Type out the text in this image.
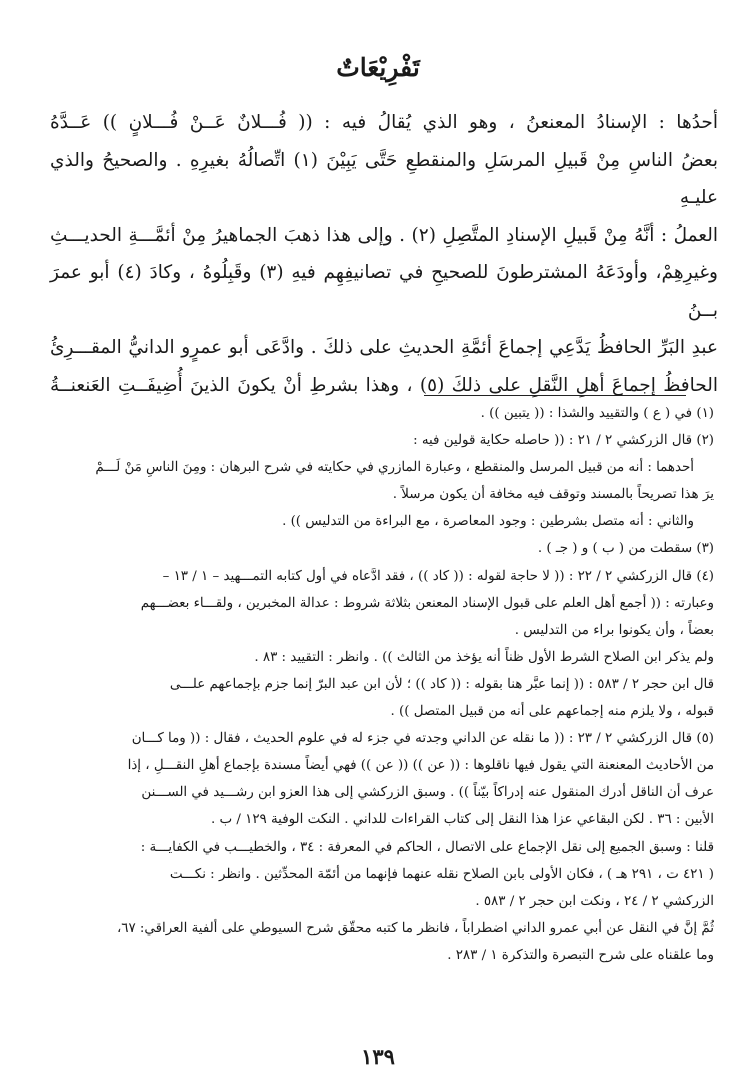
تَفْرِيْعَاتٌ

أحدُها : الإسنادُ المعنعنُ ، وهو الذي يُقالُ فيه : (( فُـــلانٌ عَــنْ فُـــلانٍ )) عَــدَّهُ

بعضُ الناسِ مِنْ قَبيلِ المرسَلِ والمنقطعِ حَتَّى يَبِيْنَ (١) اتِّصالُهُ بغيرِهِ . والصحيحُ والذي عليـهِ

العملُ : أنَّهُ مِنْ قَبيلِ الإسنادِ المتَّصِلِ (٢) . وإلى هذا ذهبَ الجماهيرُ مِنْ أئمَّـــةِ الحديـــثِ

وغيرِهِمْ، وأودَعَهُ المشترطونَ للصحيحِ في تصانيفِهِم فيهِ (٣) وقَبِلُوهُ ، وكادَ (٤) أبو عمرَ بــنُ

عبدِ البَرِّ الحافظُ يَدَّعِي إجماعَ أئمَّةِ الحديثِ على ذلكَ . وادَّعَى أبو عمرٍو الدانيُّ المقـــرِئُ

الحافظُ إجماعَ أهلِ النَّقلِ على ذلكَ (٥) ، وهذا بشرطِ أنْ يكونَ الذينَ أُضِيفَــتِ العَنعنــةُ

(١) في ( ع ) والتقييد والشذا : (( يتبين )) .

(٢) قال الزركشي ٢ / ٢١ : (( حاصله حكاية قولين فيه :

أحدهما : أنه من قبيل المرسل والمنقطع ، وعبارة المازري في حكايته في شرح البرهان : ومِنَ الناسِ مَنْ لَـــمْ

يرَ هذا تصريحاً بالمسند وتوقف فيه مخافة أن يكون مرسلاً .

والثاني : أنه متصل بشرطين : وجود المعاصرة ، مع البراءة من التدليس )) .

(٣) سقطت من ( ب ) و ( جـ ) .

(٤) قال الزركشي ٢ / ٢٢ : (( لا حاجة لقوله : (( كاد )) ، فقد ادَّعاه في أول كتابه التمـــهيد – ١ / ١٣ –

وعبارته : (( أجمع أهل العلم على قبول الإسناد المعنعن بثلاثة شروط : عدالة المخبرين ، ولقـــاء بعضـــهم

بعضاً ، وأن يكونوا براء من التدليس .

ولم يذكر ابن الصلاح الشرط الأول ظناً أنه يؤخذ من الثالث )) . وانظر : التقييد : ٨٣ .

قال ابن حجر ٢ / ٥٨٣ : (( إنما عبَّر هنا بقوله : (( كاد )) ؛ لأن ابن عبد البرّ إنما جزم بإجماعهم علـــى

قبوله ، ولا يلزم منه إجماعهم على أنه من قبيل المتصل )) .

(٥) قال الزركشي ٢ / ٢٣ : (( ما نقله عن الداني وجدته في جزء له في علوم الحديث ، فقال : (( وما كـــان

من الأحاديث المعنعنة التي يقول فيها ناقلوها : (( عن )) (( عن )) فهي أيضاً مسندة بإجماع أهلِ النقـــلِ ، إذا

عرف أن الناقل أدرك المنقول عنه إدراكاً بيّناً )) . وسبق الزركشي إلى هذا العزو ابن رشـــيد في الســـنن

الأبين : ٣٦ . لكن البقاعي عزا هذا النقل إلى كتاب القراءات للداني . النكت الوفية ١٢٩ / ب .

قلنا : وسبق الجميع إلى نقل الإجماع على الاتصال ، الحاكم في المعرفة : ٣٤ ، والخطيـــب في الكفايـــة :

( ٤٢١ ت ، ٢٩١ هـ ) ، فكان الأولى بابن الصلاح نقله عنهما فإنهما من أئمّة المحدِّثين . وانظر : نكـــت

الزركشي ٢ / ٢٤ ، ونكت ابن حجر ٢ / ٥٨٣ .

ثُمَّ إنَّ في النقل عن أبي عمرو الداني اضطراباً ، فانظر ما كتبه محقّق شرح السيوطي على ألفية العراقي: ٦٧،

وما علقناه على شرح التبصرة والتذكرة ١ / ٢٨٣ .

١٣٩
